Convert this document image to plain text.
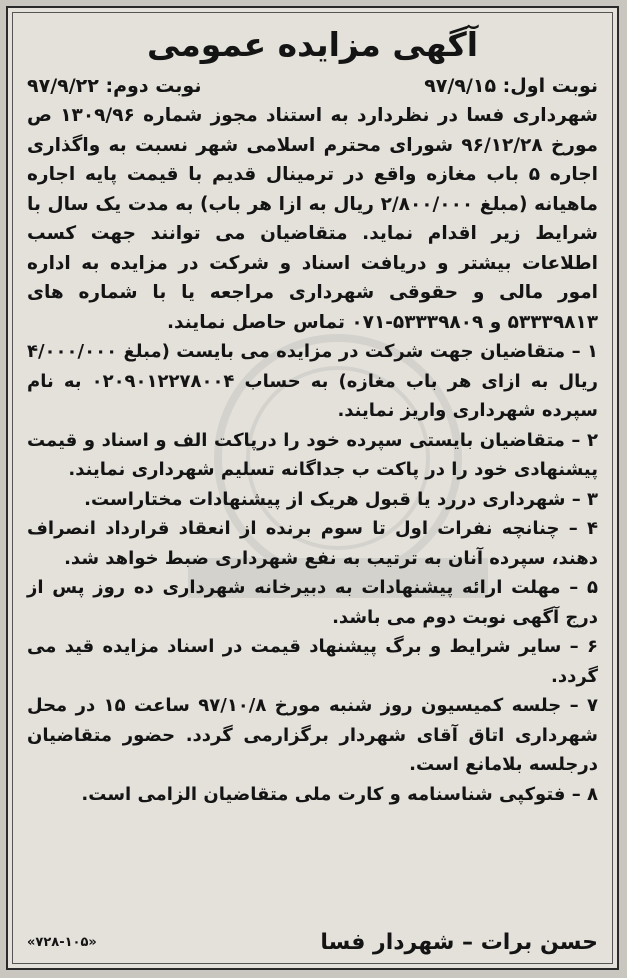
آگهی مزایده عمومی
نوبت اول: ۹۷/۹/۱۵
نوبت دوم: ۹۷/۹/۲۲

شهرداری فسا در نظردارد به استناد مجوز شماره ۱۳۰۹/۹۶ ص مورخ ۹۶/۱۲/۲۸ شورای محترم اسلامی شهر نسبت به واگذاری اجاره ۵ باب مغازه واقع در ترمینال قدیم با قیمت پایه اجاره ماهیانه (مبلغ ۲/۸۰۰/۰۰۰ ریال به ازا هر باب) به مدت یک سال با شرایط زیر اقدام نماید. متقاضیان می توانند جهت کسب اطلاعات بیشتر و دریافت اسناد و شرکت در مزایده به اداره امور مالی و حقوقی شهرداری مراجعه یا با شماره های ۵۳۳۳۹۸۱۳ و ۵۳۳۳۹۸۰۹-۰۷۱ تماس حاصل نمایند.

۱ – متقاضیان جهت شرکت در مزایده می بایست (مبلغ ۴/۰۰۰/۰۰۰ ریال به ازای هر باب مغازه) به حساب ۰۲۰۹۰۱۲۲۷۸۰۰۴ به نام سپرده شهرداری واریز نمایند.

۲ – متقاضیان بایستی سپرده خود را درپاکت الف و اسناد و قیمت پیشنهادی خود را در پاکت ب جداگانه تسلیم شهرداری نمایند.

۳ – شهرداری دررد یا قبول هریک از پیشنهادات مختاراست.

۴ – چنانچه نفرات اول تا سوم برنده از انعقاد قرارداد انصراف دهند، سپرده آنان به ترتیب به نفع شهرداری ضبط خواهد شد.

۵ – مهلت ارائه پیشنهادات به دبیرخانه شهرداری ده روز پس از درج آگهی نوبت دوم می باشد.

۶ – سایر شرایط و برگ پیشنهاد قیمت در اسناد مزایده قید می گردد.

۷ – جلسه کمیسیون روز شنبه مورخ ۹۷/۱۰/۸ ساعت ۱۵ در محل شهرداری اتاق آقای شهردار برگزارمی گردد. حضور متقاضیان درجلسه بلامانع است.

۸ – فتوکپی شناسنامه و کارت ملی متقاضیان الزامی است.

حسن برات – شهردار فسا
«۷۲۸-۱۰۵»
